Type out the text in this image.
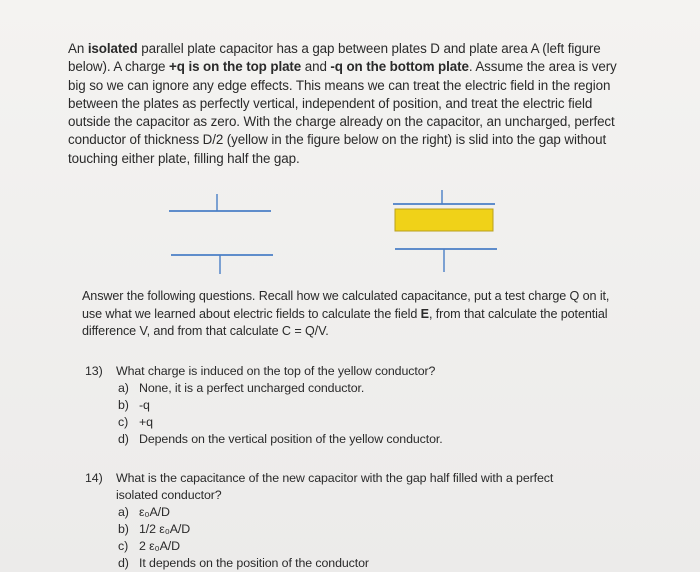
An isolated parallel plate capacitor has a gap between plates D and plate area A (left figure below). A charge +q is on the top plate and -q on the bottom plate. Assume the area is very big so we can ignore any edge effects. This means we can treat the electric field in the region between the plates as perfectly vertical, independent of position, and treat the electric field outside the capacitor as zero. With the charge already on the capacitor, an uncharged, perfect conductor of thickness D/2 (yellow in the figure below on the right) is slid into the gap without touching either plate, filling half the gap.
Answer the following questions. Recall how we calculated capacitance, put a test charge Q on it, use what we learned about electric fields to calculate the field E, from that calculate the potential difference V, and from that calculate C = Q/V.
13)	What charge is induced on the top of the yellow conductor?
a) None, it is a perfect uncharged conductor.
b) -q
c) +q
d) Depends on the vertical position of the yellow conductor.
14)	What is the capacitance of the new capacitor with the gap half filled with a perfect isolated conductor?
a) ε₀A/D
b) 1/2 ε₀A/D
c) 2 ε₀A/D
d) It depends on the position of the conductor
